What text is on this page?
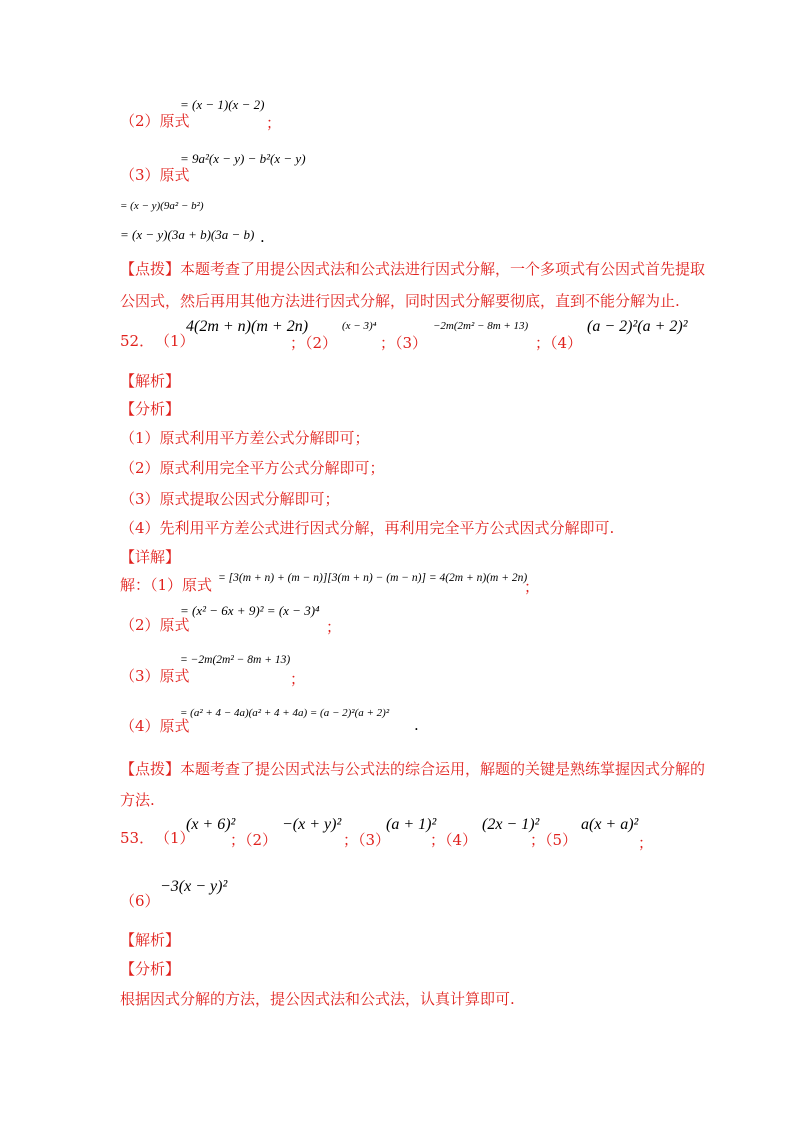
（2）原式
= (x − 1)(x − 2)
；
（3）原式
= 9a²(x − y) − b²(x − y)
= (x − y)(9a² − b²)
= (x − y)(3a + b)(3a − b) .
【点拨】本题考查了用提公因式法和公式法进行因式分解，一个多项式有公因式首先提取
公因式，然后再用其他方法进行因式分解，同时因式分解要彻底，直到不能分解为止.
52． （1）
4(2m + n)(m + 2n)
；（2）
(x − 3)⁴
；（3）
−2m(2m² − 8m + 13)
；（4）
(a − 2)²(a + 2)²
【解析】
【分析】
（1）原式利用平方差公式分解即可；
（2）原式利用完全平方公式分解即可；
（3）原式提取公因式分解即可；
（4）先利用平方差公式进行因式分解，再利用完全平方公式因式分解即可.
【详解】
解：（1）原式 = [3(m + n) + (m − n)][3(m + n) − (m − n)] = 4(2m + n)(m + 2n)
；
（2）原式
= (x² − 6x + 9)² = (x − 3)⁴
；
（3）原式
= −2m(2m² − 8m + 13)
；
（4）原式
= (a² + 4 − 4a)(a² + 4 + 4a) = (a − 2)²(a + 2)²
.
【点拨】本题考查了提公因式法与公式法的综合运用，解题的关键是熟练掌握因式分解的
方法.
53． （1）
(x + 6)²
；（2）
−(x + y)²
；（3）
(a + 1)²
；（4）
(2x − 1)²
；（5）
a(x + a)²
；
（6）
−3(x − y)²
【解析】
【分析】
根据因式分解的方法，提公因式法和公式法，认真计算即可.
